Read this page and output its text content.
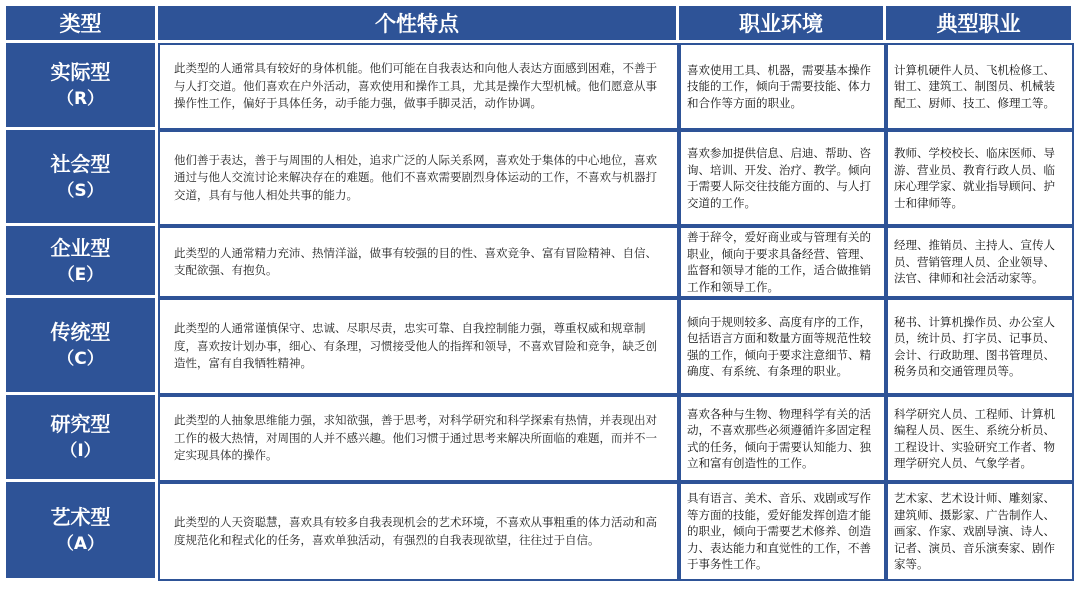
类型	个性特点	职业环境	典型职业

实际型
（R）	此类型的人通常具有较好的身体机能。他们可能在自我表达和向他人表达方面感到困难，不善于与人打交道。他们喜欢在户外活动，喜欢使用和操作工具，尤其是操作大型机械。他们愿意从事操作性工作，偏好于具体任务，动手能力强，做事手脚灵活，动作协调。	喜欢使用工具、机器，需要基本操作技能的工作，倾向于需要技能、体力和合作等方面的职业。	计算机硬件人员、飞机检修工、钳工、建筑工、制图员、机械装配工、厨师、技工、修理工等。

社会型
（S）	他们善于表达，善于与周围的人相处，追求广泛的人际关系网，喜欢处于集体的中心地位，喜欢通过与他人交流讨论来解决存在的难题。他们不喜欢需要剧烈身体运动的工作，不喜欢与机器打交道，具有与他人相处共事的能力。	喜欢参加提供信息、启迪、帮助、咨询、培训、开发、治疗、教学。倾向于需要人际交往技能方面的、与人打交道的工作。	教师、学校校长、临床医师、导游、营业员、教育行政人员、临床心理学家、就业指导顾问、护士和律师等。

企业型
（E）	此类型的人通常精力充沛、热情洋溢，做事有较强的目的性、喜欢竞争、富有冒险精神、自信、支配欲强、有抱负。	善于辞令，爱好商业或与管理有关的职业，倾向于要求具备经营、管理、监督和领导才能的工作，适合做推销工作和领导工作。	经理、推销员、主持人、宣传人员、营销管理人员、企业领导、法官、律师和社会活动家等。

传统型
（C）	此类型的人通常谨慎保守、忠诚、尽职尽责，忠实可靠、自我控制能力强，尊重权威和规章制度，喜欢按计划办事，细心、有条理，习惯接受他人的指挥和领导，不喜欢冒险和竞争，缺乏创造性，富有自我牺牲精神。	倾向于规则较多、高度有序的工作，包括语言方面和数量方面等规范性较强的工作，倾向于要求注意细节、精确度、有系统、有条理的职业。	秘书、计算机操作员、办公室人员，统计员、打字员、记事员、会计、行政助理、图书管理员、税务员和交通管理员等。

研究型
（I）	此类型的人抽象思维能力强，求知欲强，善于思考，对科学研究和科学探索有热情，并表现出对工作的极大热情，对周围的人并不感兴趣。他们习惯于通过思考来解决所面临的难题，而并不一定实现具体的操作。	喜欢各种与生物、物理科学有关的活动，不喜欢那些必须遵循许多固定程式的任务，倾向于需要认知能力、独立和富有创造性的工作。	科学研究人员、工程师、计算机编程人员、医生、系统分析员、工程设计、实验研究工作者、物理学研究人员、气象学者。

艺术型
（A）	此类型的人天资聪慧，喜欢具有较多自我表现机会的艺术环境，不喜欢从事粗重的体力活动和高度规范化和程式化的任务，喜欢单独活动，有强烈的自我表现欲望，往往过于自信。	具有语言、美术、音乐、戏剧或写作等方面的技能，爱好能发挥创造才能的职业，倾向于需要艺术修养、创造力、表达能力和直觉性的工作，不善于事务性工作。	艺术家、艺术设计师、雕刻家、建筑师、摄影家、广告制作人、画家、作家、戏剧导演、诗人、记者、演员、音乐演奏家、剧作家等。
